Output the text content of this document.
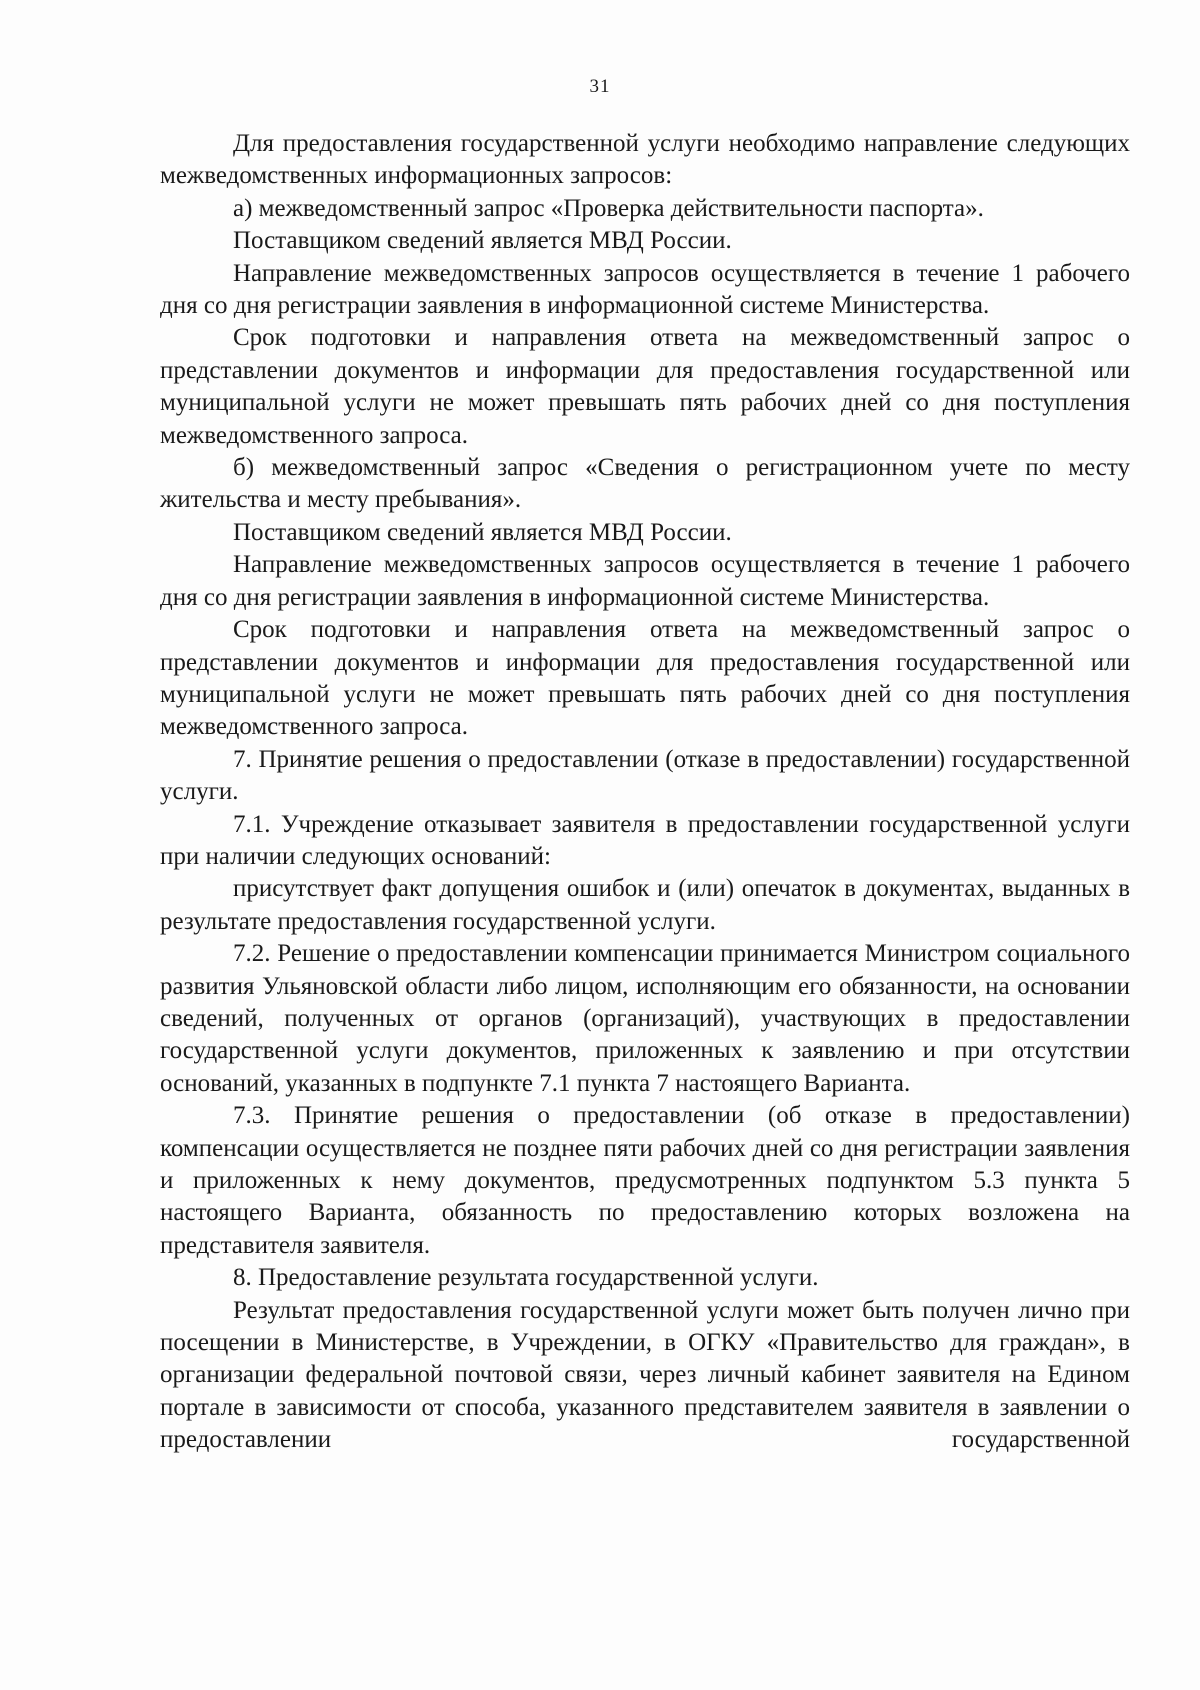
31

Для предоставления государственной услуги необходимо направление следующих межведомственных информационных запросов:

а) межведомственный запрос «Проверка действительности паспорта».

Поставщиком сведений является МВД России.

Направление межведомственных запросов осуществляется в течение 1 рабочего дня со дня регистрации заявления в информационной системе Министерства.

Срок подготовки и направления ответа на межведомственный запрос о представлении документов и информации для предоставления государственной или муниципальной услуги не может превышать пять рабочих дней со дня поступления межведомственного запроса.

б) межведомственный запрос «Сведения о регистрационном учете по месту жительства и месту пребывания».

Поставщиком сведений является МВД России.

Направление межведомственных запросов осуществляется в течение 1 рабочего дня со дня регистрации заявления в информационной системе Министерства.

Срок подготовки и направления ответа на межведомственный запрос о представлении документов и информации для предоставления государственной или муниципальной услуги не может превышать пять рабочих дней со дня поступления межведомственного запроса.

7. Принятие решения о предоставлении (отказе в предоставлении) государственной услуги.

7.1. Учреждение отказывает заявителя в предоставлении государственной услуги при наличии следующих оснований:

присутствует факт допущения ошибок и (или) опечаток в документах, выданных в результате предоставления государственной услуги.

7.2. Решение о предоставлении компенсации принимается Министром социального развития Ульяновской области либо лицом, исполняющим его обязанности, на основании сведений, полученных от органов (организаций), участвующих в предоставлении государственной услуги документов, приложенных к заявлению и при отсутствии оснований, указанных в подпункте 7.1 пункта 7 настоящего Варианта.

7.3. Принятие решения о предоставлении (об отказе в предоставлении) компенсации осуществляется не позднее пяти рабочих дней со дня регистрации заявления и приложенных к нему документов, предусмотренных подпунктом 5.3 пункта 5 настоящего Варианта, обязанность по предоставлению которых возложена на представителя заявителя.

8. Предоставление результата государственной услуги.

Результат предоставления государственной услуги может быть получен лично при посещении в Министерстве, в Учреждении, в ОГКУ «Правительство для граждан», в организации федеральной почтовой связи, через личный кабинет заявителя на Едином портале в зависимости от способа, указанного представителем заявителя в заявлении о предоставлении государственной
